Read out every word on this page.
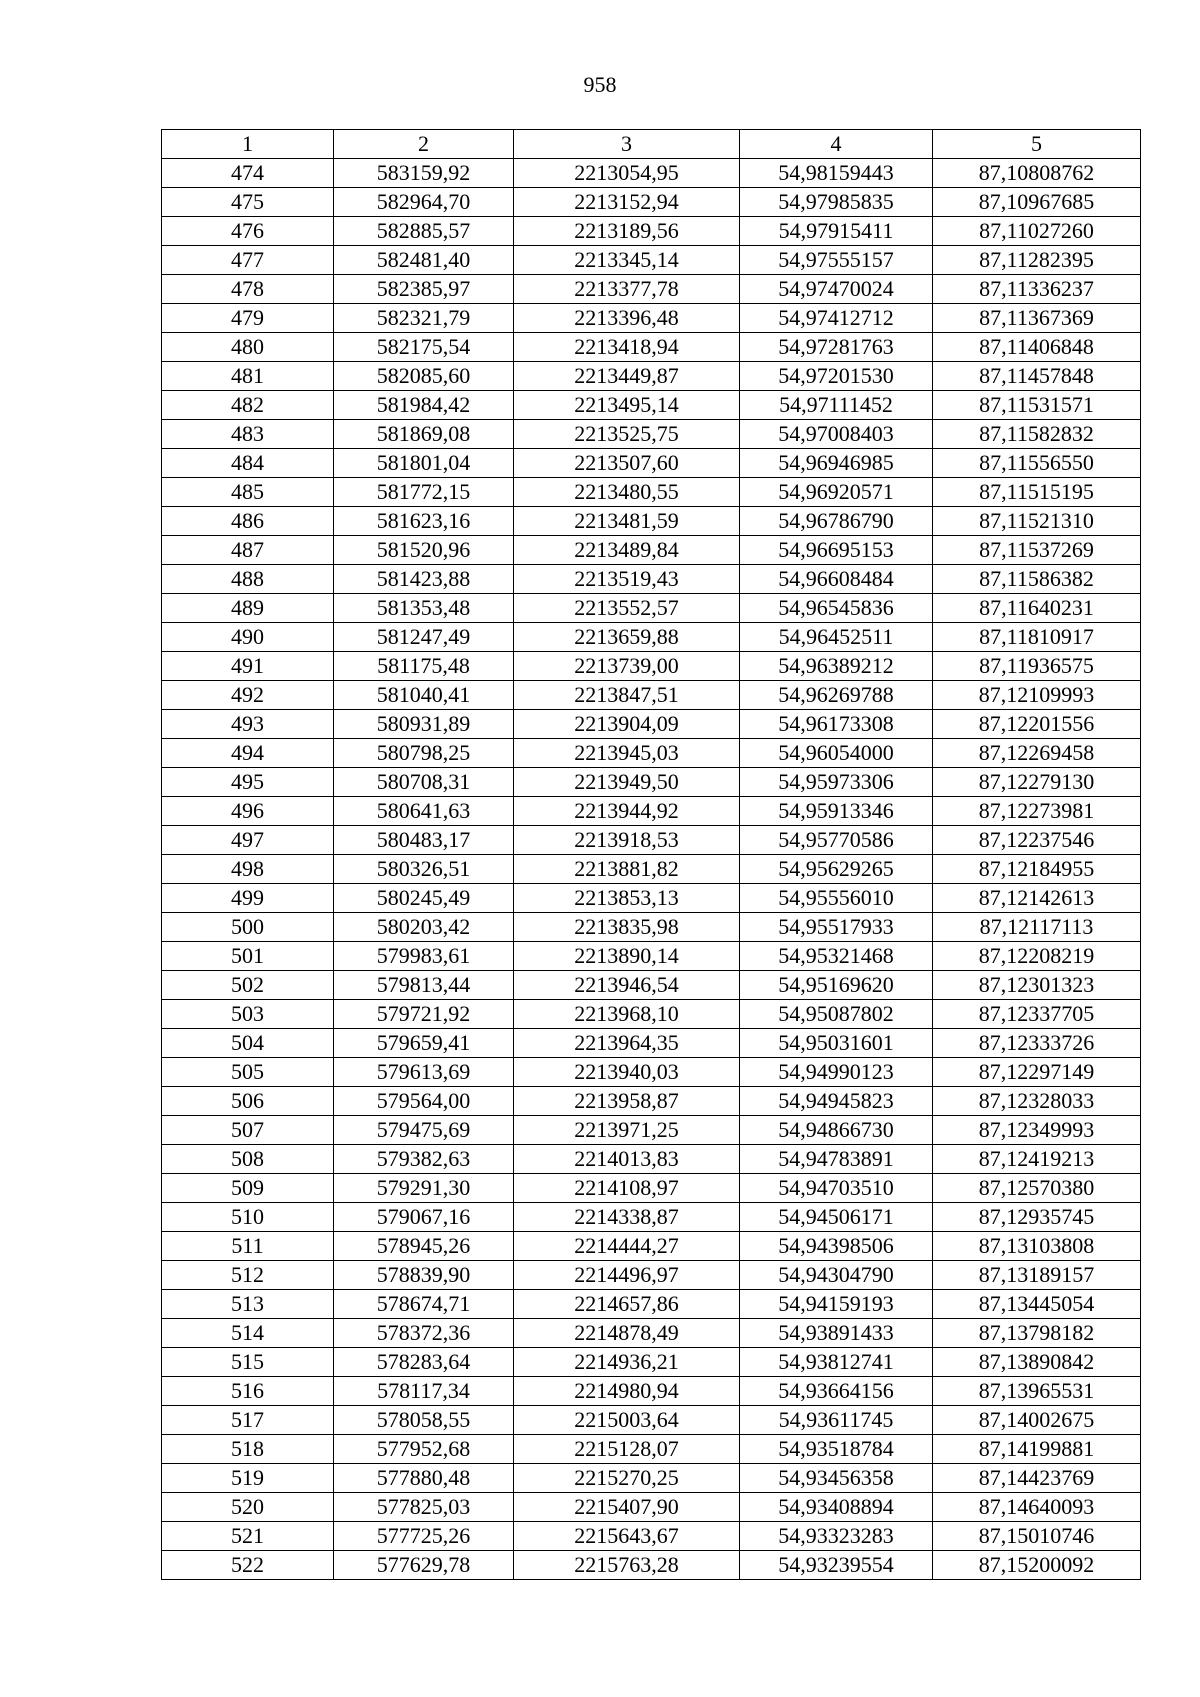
958
1	2	3	4	5
474	583159,92	2213054,95	54,98159443	87,10808762
475	582964,70	2213152,94	54,97985835	87,10967685
476	582885,57	2213189,56	54,97915411	87,11027260
477	582481,40	2213345,14	54,97555157	87,11282395
478	582385,97	2213377,78	54,97470024	87,11336237
479	582321,79	2213396,48	54,97412712	87,11367369
480	582175,54	2213418,94	54,97281763	87,11406848
481	582085,60	2213449,87	54,97201530	87,11457848
482	581984,42	2213495,14	54,97111452	87,11531571
483	581869,08	2213525,75	54,97008403	87,11582832
484	581801,04	2213507,60	54,96946985	87,11556550
485	581772,15	2213480,55	54,96920571	87,11515195
486	581623,16	2213481,59	54,96786790	87,11521310
487	581520,96	2213489,84	54,96695153	87,11537269
488	581423,88	2213519,43	54,96608484	87,11586382
489	581353,48	2213552,57	54,96545836	87,11640231
490	581247,49	2213659,88	54,96452511	87,11810917
491	581175,48	2213739,00	54,96389212	87,11936575
492	581040,41	2213847,51	54,96269788	87,12109993
493	580931,89	2213904,09	54,96173308	87,12201556
494	580798,25	2213945,03	54,96054000	87,12269458
495	580708,31	2213949,50	54,95973306	87,12279130
496	580641,63	2213944,92	54,95913346	87,12273981
497	580483,17	2213918,53	54,95770586	87,12237546
498	580326,51	2213881,82	54,95629265	87,12184955
499	580245,49	2213853,13	54,95556010	87,12142613
500	580203,42	2213835,98	54,95517933	87,12117113
501	579983,61	2213890,14	54,95321468	87,12208219
502	579813,44	2213946,54	54,95169620	87,12301323
503	579721,92	2213968,10	54,95087802	87,12337705
504	579659,41	2213964,35	54,95031601	87,12333726
505	579613,69	2213940,03	54,94990123	87,12297149
506	579564,00	2213958,87	54,94945823	87,12328033
507	579475,69	2213971,25	54,94866730	87,12349993
508	579382,63	2214013,83	54,94783891	87,12419213
509	579291,30	2214108,97	54,94703510	87,12570380
510	579067,16	2214338,87	54,94506171	87,12935745
511	578945,26	2214444,27	54,94398506	87,13103808
512	578839,90	2214496,97	54,94304790	87,13189157
513	578674,71	2214657,86	54,94159193	87,13445054
514	578372,36	2214878,49	54,93891433	87,13798182
515	578283,64	2214936,21	54,93812741	87,13890842
516	578117,34	2214980,94	54,93664156	87,13965531
517	578058,55	2215003,64	54,93611745	87,14002675
518	577952,68	2215128,07	54,93518784	87,14199881
519	577880,48	2215270,25	54,93456358	87,14423769
520	577825,03	2215407,90	54,93408894	87,14640093
521	577725,26	2215643,67	54,93323283	87,15010746
522	577629,78	2215763,28	54,93239554	87,15200092
